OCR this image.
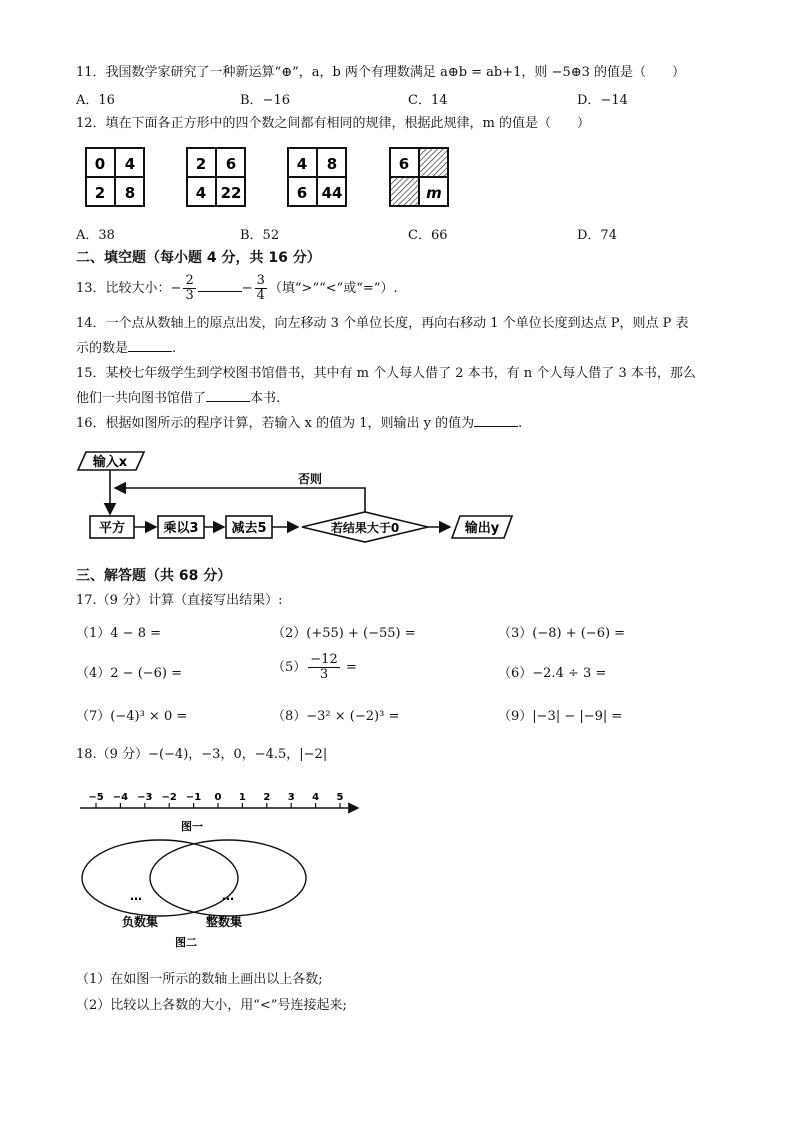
11．我国数学家研究了一种新运算“⊕”，a，b 两个有理数满足 a⊕b = ab+1，则 −5⊕3 的值是（　　）
A．16	B．−16	C．14	D．−14
12．填在下面各正方形中的四个数之间都有相同的规律，根据此规律，m 的值是（　　）
0 4
2 8
2 6
4 22
4 8
6 44
6
m
A．38	B．52	C．66	D．74
二、填空题（每小题 4 分，共 16 分）
13．比较大小：− $\frac{2}{3}$	− $\frac{3}{4}$ （填“>”“<”或“=”）.
14．一个点从数轴上的原点出发，向左移动 3 个单位长度，再向右移动 1 个单位长度到达点 P，则点 P 表
示的数是	.
15．某校七年级学生到学校图书馆借书，其中有 m 个人每人借了 2 本书，有 n 个人每人借了 3 本书，那么
他们一共向图书馆借了	本书.
16．根据如图所示的程序计算，若输入 x 的值为 1，则输出 y 的值为	.
输入x
否则
平方	乘以3	减去5	若结果大于0	输出y
三、解答题（共 68 分）
17.（9 分）计算（直接写出结果）:
（1）4 − 8 =	（2）(+55) + (−55) =	（3）(−8) + (−6) =
（4）2 − (−6) =	$(5) \frac{-12}{3}$ =	（6）−2.4 ÷ 3 =
（7）(−4)³ × 0 =	（8）−3² × (−2)³ =	（9）|−3| − |−9| =
18.（9 分）−(−4)，−3，0，−4.5，|−2|
−5 −4 −3 −2 −1 0 1 2 3 4 5
图一
…	…
负数集	整数集
图二
（1）在如图一所示的数轴上画出以上各数;
（2）比较以上各数的大小，用“<”号连接起来;
